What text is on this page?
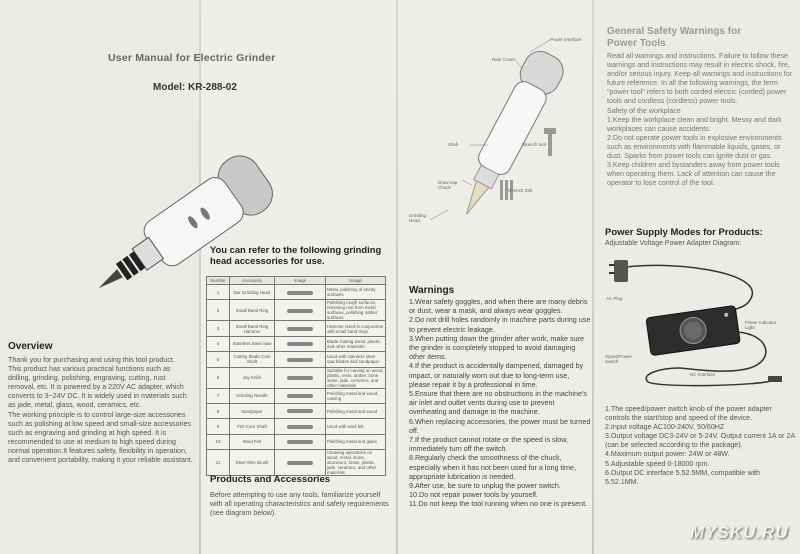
User Manual for Electric Grinder
Model: KR-288-02
Overview
Thank you for purchasing and using this tool product.
This product has various practical functions such as drilling, grinding, polishing, engraving, cutting, rust removal, etc. It is powered by a 220V AC adapter, which converts to 3~24V DC. It is widely used in materials such as jade, metal, glass, wood, ceramics, etc.
The working principle is to control large-size accessories such as polishing at low speed and small-size accessories such as engraving and grinding at high speed. It is recommended to use at medium to high speed during normal operation.It features safety, flexibility in operation, and convenient portability, making it your reliable assistant.
You can refer to the following grinding head accessories for use.
Number	Accessory	Image	Usage
1	Bur Grinding Head		Metal, polishing of sturdy surfaces
2	Small Band Ring		Polishing rough surfaces, removing rust from metal surfaces, polishing rubber surfaces
3	Small Band Ring Hammer		Hammer Used in conjunction with small band rings
4	Stainless Steel Saw		Blade Cutting wood, plastic, and other materials
5	Cutting Blade Core Shaft		Used with stainless steel saw blades and sandpaper
6	Jay Knife		Suitable for carving on wood, plastic, resin, amber, bone, stone, jade, ceramics, and other materials
7	Grinding Needle		Polishing metal and wood, carving
8	Sandpaper		Polishing metal and wood
9	Felt Core Shaft		Used with wool felt
10	Wool Felt		Polishing metal and glass
11	Steel Wire Brush		Cleaning operations on wood, metal, stone, aluminum, brass, plastic, jade, ceramics, and other materials
Products and Accessories
Before attempting to use any tools, familiarize yourself with all operating characteristics and safety requirements (see diagram below).
Power Interface
Rear Cover
Shell	Wrench tool
Wrench Drill
Draw-cap Chuck
Grinding Head
Warnings
1.Wear safety goggles, and when there are many debris or dust, wear a mask, and always wear goggles.
2.Do not drill holes randomly in machine parts during use to prevent electric leakage.
3.When putting down the grinder after work, make sure the grinder is completely stopped to avoid damaging other items.
4.If the product is accidentally dampened, damaged by impact, or naturally worn out due to long-term use, please repair it by a professional in time.
5.Ensure that there are no obstructions in the machine's air inlet and outlet vents during use to prevent overheating and damage to the machine.
6.When replacing accessories, the power must be turned off.
7.If the product cannot rotate or the speed is slow, immediately turn off the switch.
8.Regularly check the smoothness of the chuck, especially when it has not been used for a long time, appropriate lubrication is needed.
9.After use, be sure to unplug the power switch.
10.Do not repair power tools by yourself.
11.Do not keep the tool running when no one is present.
General Safety Warnings for Power Tools
Read all warnings and instructions. Failure to follow these warnings and instructions may result in electric shock, fire, and/or serious injury. Keep all warnings and instructions for future reference. In all the following warnings, the term "power tool" refers to both corded electric (corded) power tools and cordless (cordless) power tools.
Safety of the workplace
1.Keep the workplace clean and bright. Messy and dark workplaces can cause accidents.
2.Do not operate power tools in explosive environments such as environments with flammable liquids, gases, or dust. Sparks from power tools can ignite dust or gas.
3.Keep children and bystanders away from power tools when operating them. Lack of attention can cause the operator to lose control of the tool.
Power Supply Modes for Products:
Adjustable Voltage Power Adapter Diagram:
AC Plug
Power Indicator Light
Speed/Power Switch
DC Interface
1.The speed/power switch knob of the power adapter controls the start/stop and speed of the device.
2.Input voltage AC100-240V, 50/60HZ
3.Output voltage DC3-24V or 5-24V. Output current 1A or 2A (can be selected according to the package).
4.Maximum output power: 24W or 48W.
5.Adjustable speed 0-18000 rpm.
6.Output DC interface 5.52.5MM, compatible with 5.52.1MM.
MYSKU.RU
